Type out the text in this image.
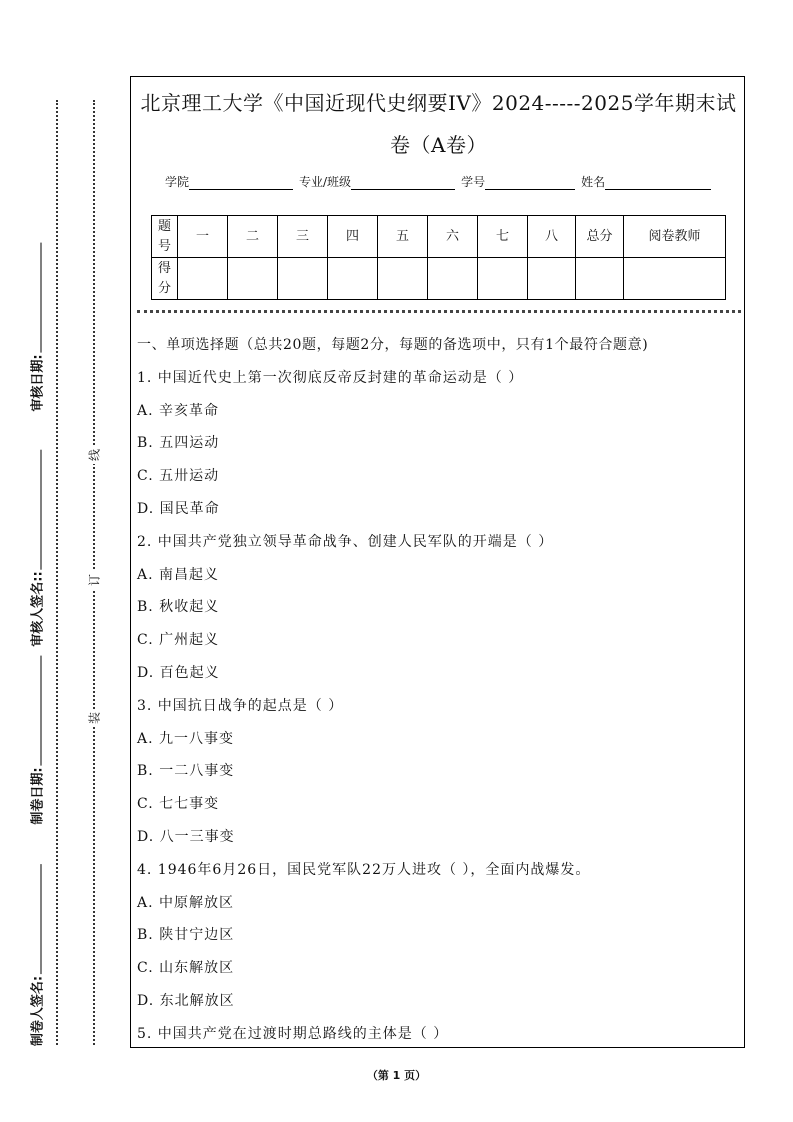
审核日期:
审核人签名::
制卷日期:
制卷人签名:
线
订
装
北京理工大学《中国近现代史纲要IV》2024-----2025学年期末试
卷（A卷）
学院	专业/班级	学号	姓名
题号	一	二	三	四	五	六	七	八	总分	阅卷教师
得分										
一、单项选择题（总共20题，每题2分，每题的备选项中，只有1个最符合题意)
1. 中国近代史上第一次彻底反帝反封建的革命运动是（ ）
A. 辛亥革命
B. 五四运动
C. 五卅运动
D. 国民革命
2. 中国共产党独立领导革命战争、创建人民军队的开端是（ ）
A. 南昌起义
B. 秋收起义
C. 广州起义
D. 百色起义
3. 中国抗日战争的起点是（ ）
A. 九一八事变
B. 一二八事变
C. 七七事变
D. 八一三事变
4. 1946年6月26日，国民党军队22万人进攻（ ），全面内战爆发。
A. 中原解放区
B. 陕甘宁边区
C. 山东解放区
D. 东北解放区
5. 中国共产党在过渡时期总路线的主体是（ ）
（第 1 页）
